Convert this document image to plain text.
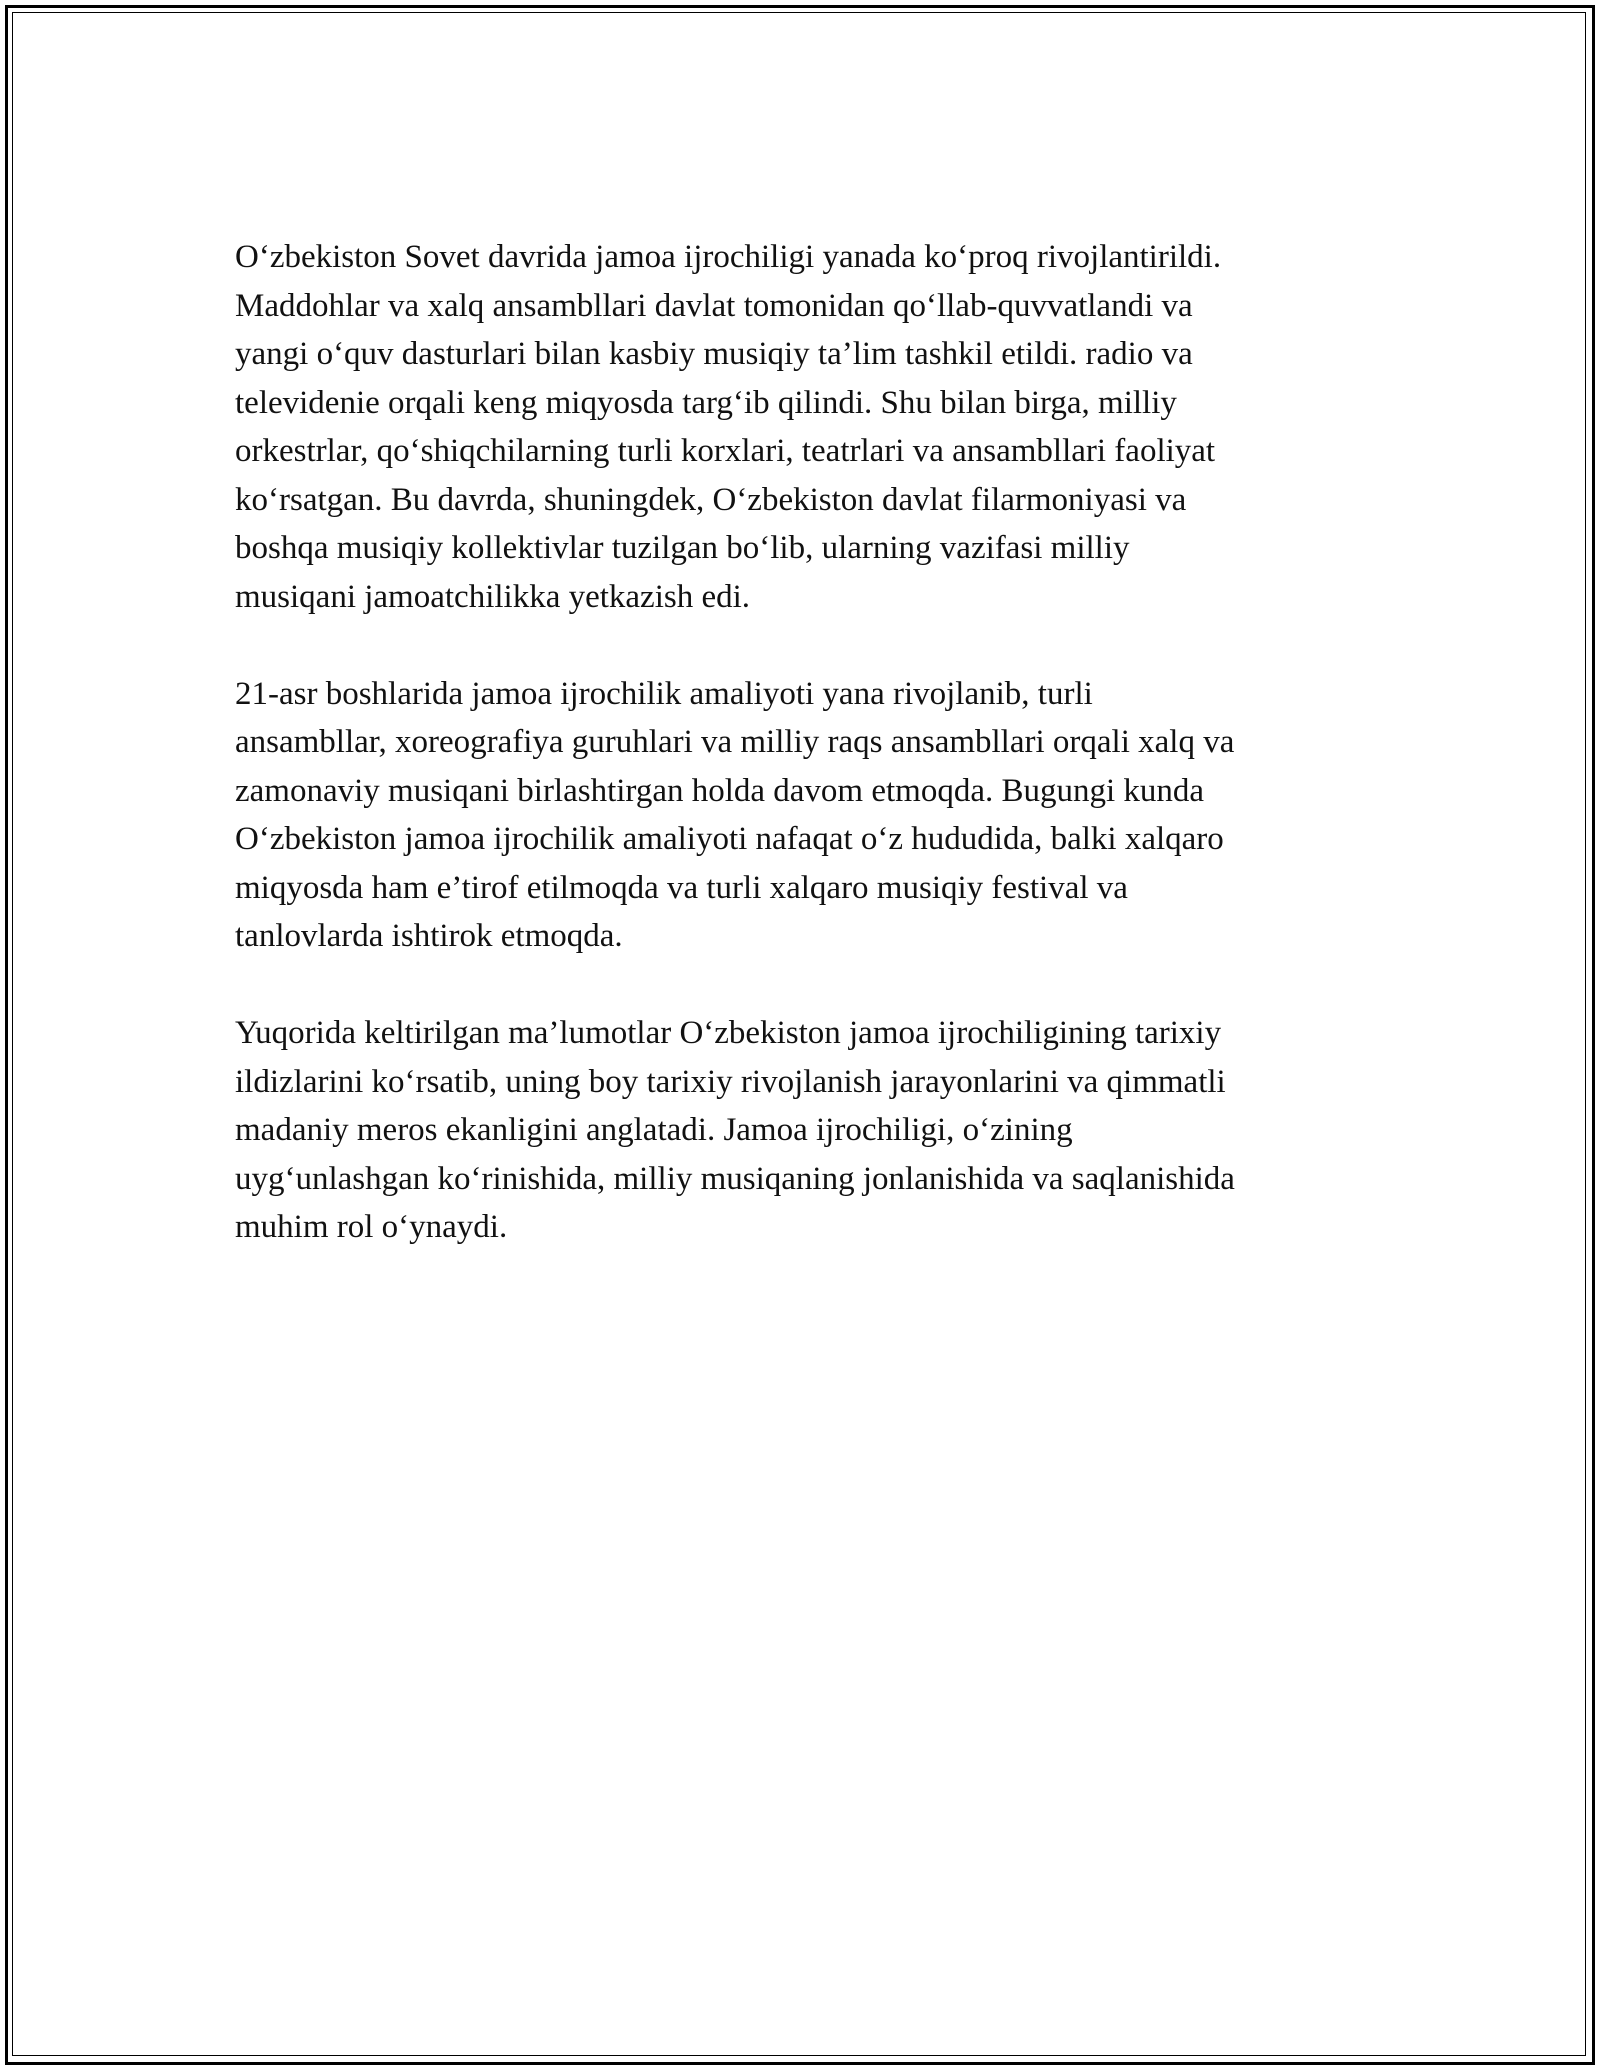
O‘zbekiston Sovet davrida jamoa ijrochiligi yanada ko‘proq rivojlantirildi.
Maddohlar va xalq ansambllari davlat tomonidan qo‘llab-quvvatlandi va
yangi o‘quv dasturlari bilan kasbiy musiqiy ta’lim tashkil etildi. radio va
televidenie orqali keng miqyosda targ‘ib qilindi. Shu bilan birga, milliy
orkestrlar, qo‘shiqchilarning turli korxlari, teatrlari va ansambllari faoliyat
ko‘rsatgan. Bu davrda, shuningdek, O‘zbekiston davlat filarmoniyasi va
boshqa musiqiy kollektivlar tuzilgan bo‘lib, ularning vazifasi milliy
musiqani jamoatchilikka yetkazish edi.

21-asr boshlarida jamoa ijrochilik amaliyoti yana rivojlanib, turli
ansambllar, xoreografiya guruhlari va milliy raqs ansambllari orqali xalq va
zamonaviy musiqani birlashtirgan holda davom etmoqda. Bugungi kunda
O‘zbekiston jamoa ijrochilik amaliyoti nafaqat o‘z hududida, balki xalqaro
miqyosda ham e’tirof etilmoqda va turli xalqaro musiqiy festival va
tanlovlarda ishtirok etmoqda.

Yuqorida keltirilgan ma’lumotlar O‘zbekiston jamoa ijrochiligining tarixiy
ildizlarini ko‘rsatib, uning boy tarixiy rivojlanish jarayonlarini va qimmatli
madaniy meros ekanligini anglatadi. Jamoa ijrochiligi, o‘zining
uyg‘unlashgan ko‘rinishida, milliy musiqaning jonlanishida va saqlanishida
muhim rol o‘ynaydi.
